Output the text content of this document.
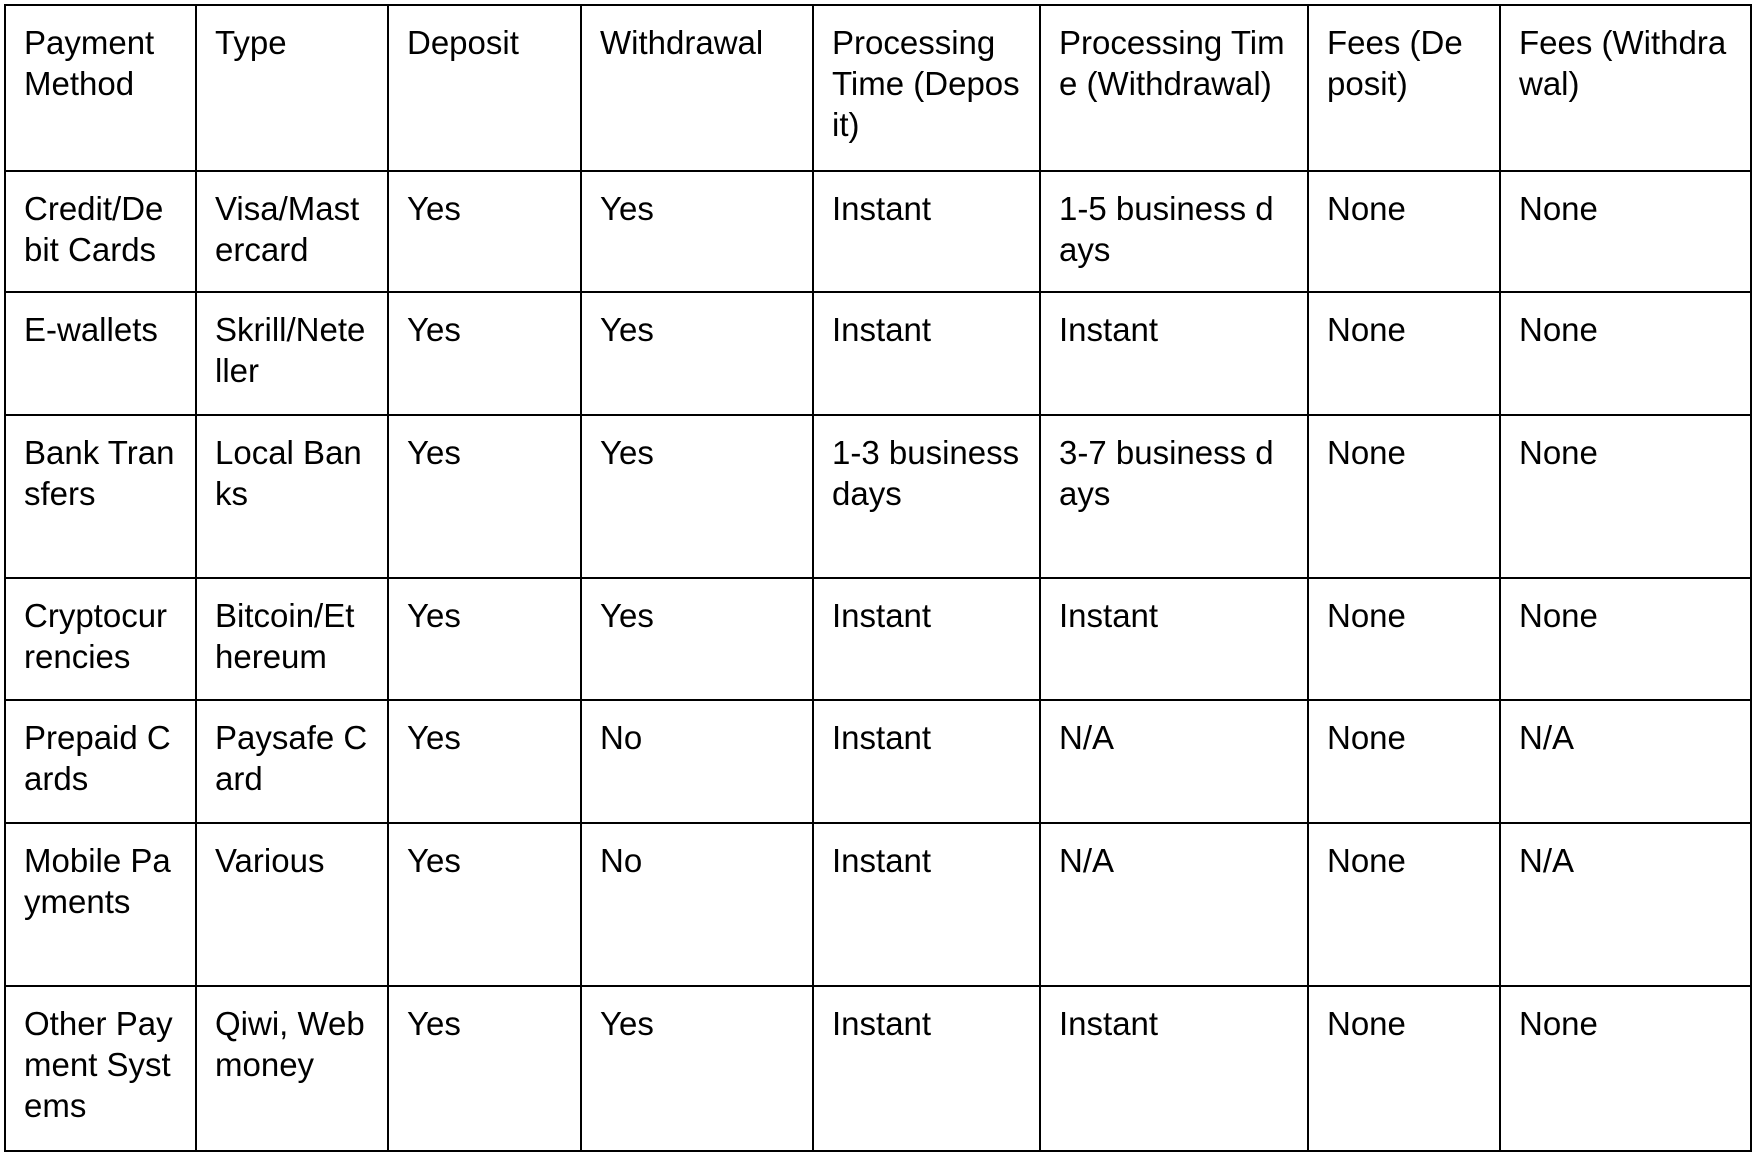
Payment Method	Type	Deposit	Withdrawal	Processing Time (Deposit)	Processing Time (Withdrawal)	Fees (Deposit)	Fees (Withdrawal)
Credit/Debit Cards	Visa/Mastercard	Yes	Yes	Instant	1-5 business days	None	None
E-wallets	Skrill/Neteller	Yes	Yes	Instant	Instant	None	None
Bank Transfers	Local Banks	Yes	Yes	1-3 business days	3-7 business days	None	None
Cryptocurrencies	Bitcoin/Ethereum	Yes	Yes	Instant	Instant	None	None
Prepaid Cards	Paysafe Card	Yes	No	Instant	N/A	None	N/A
Mobile Payments	Various	Yes	No	Instant	N/A	None	N/A
Other Payment Systems	Qiwi, Webmoney	Yes	Yes	Instant	Instant	None	None
